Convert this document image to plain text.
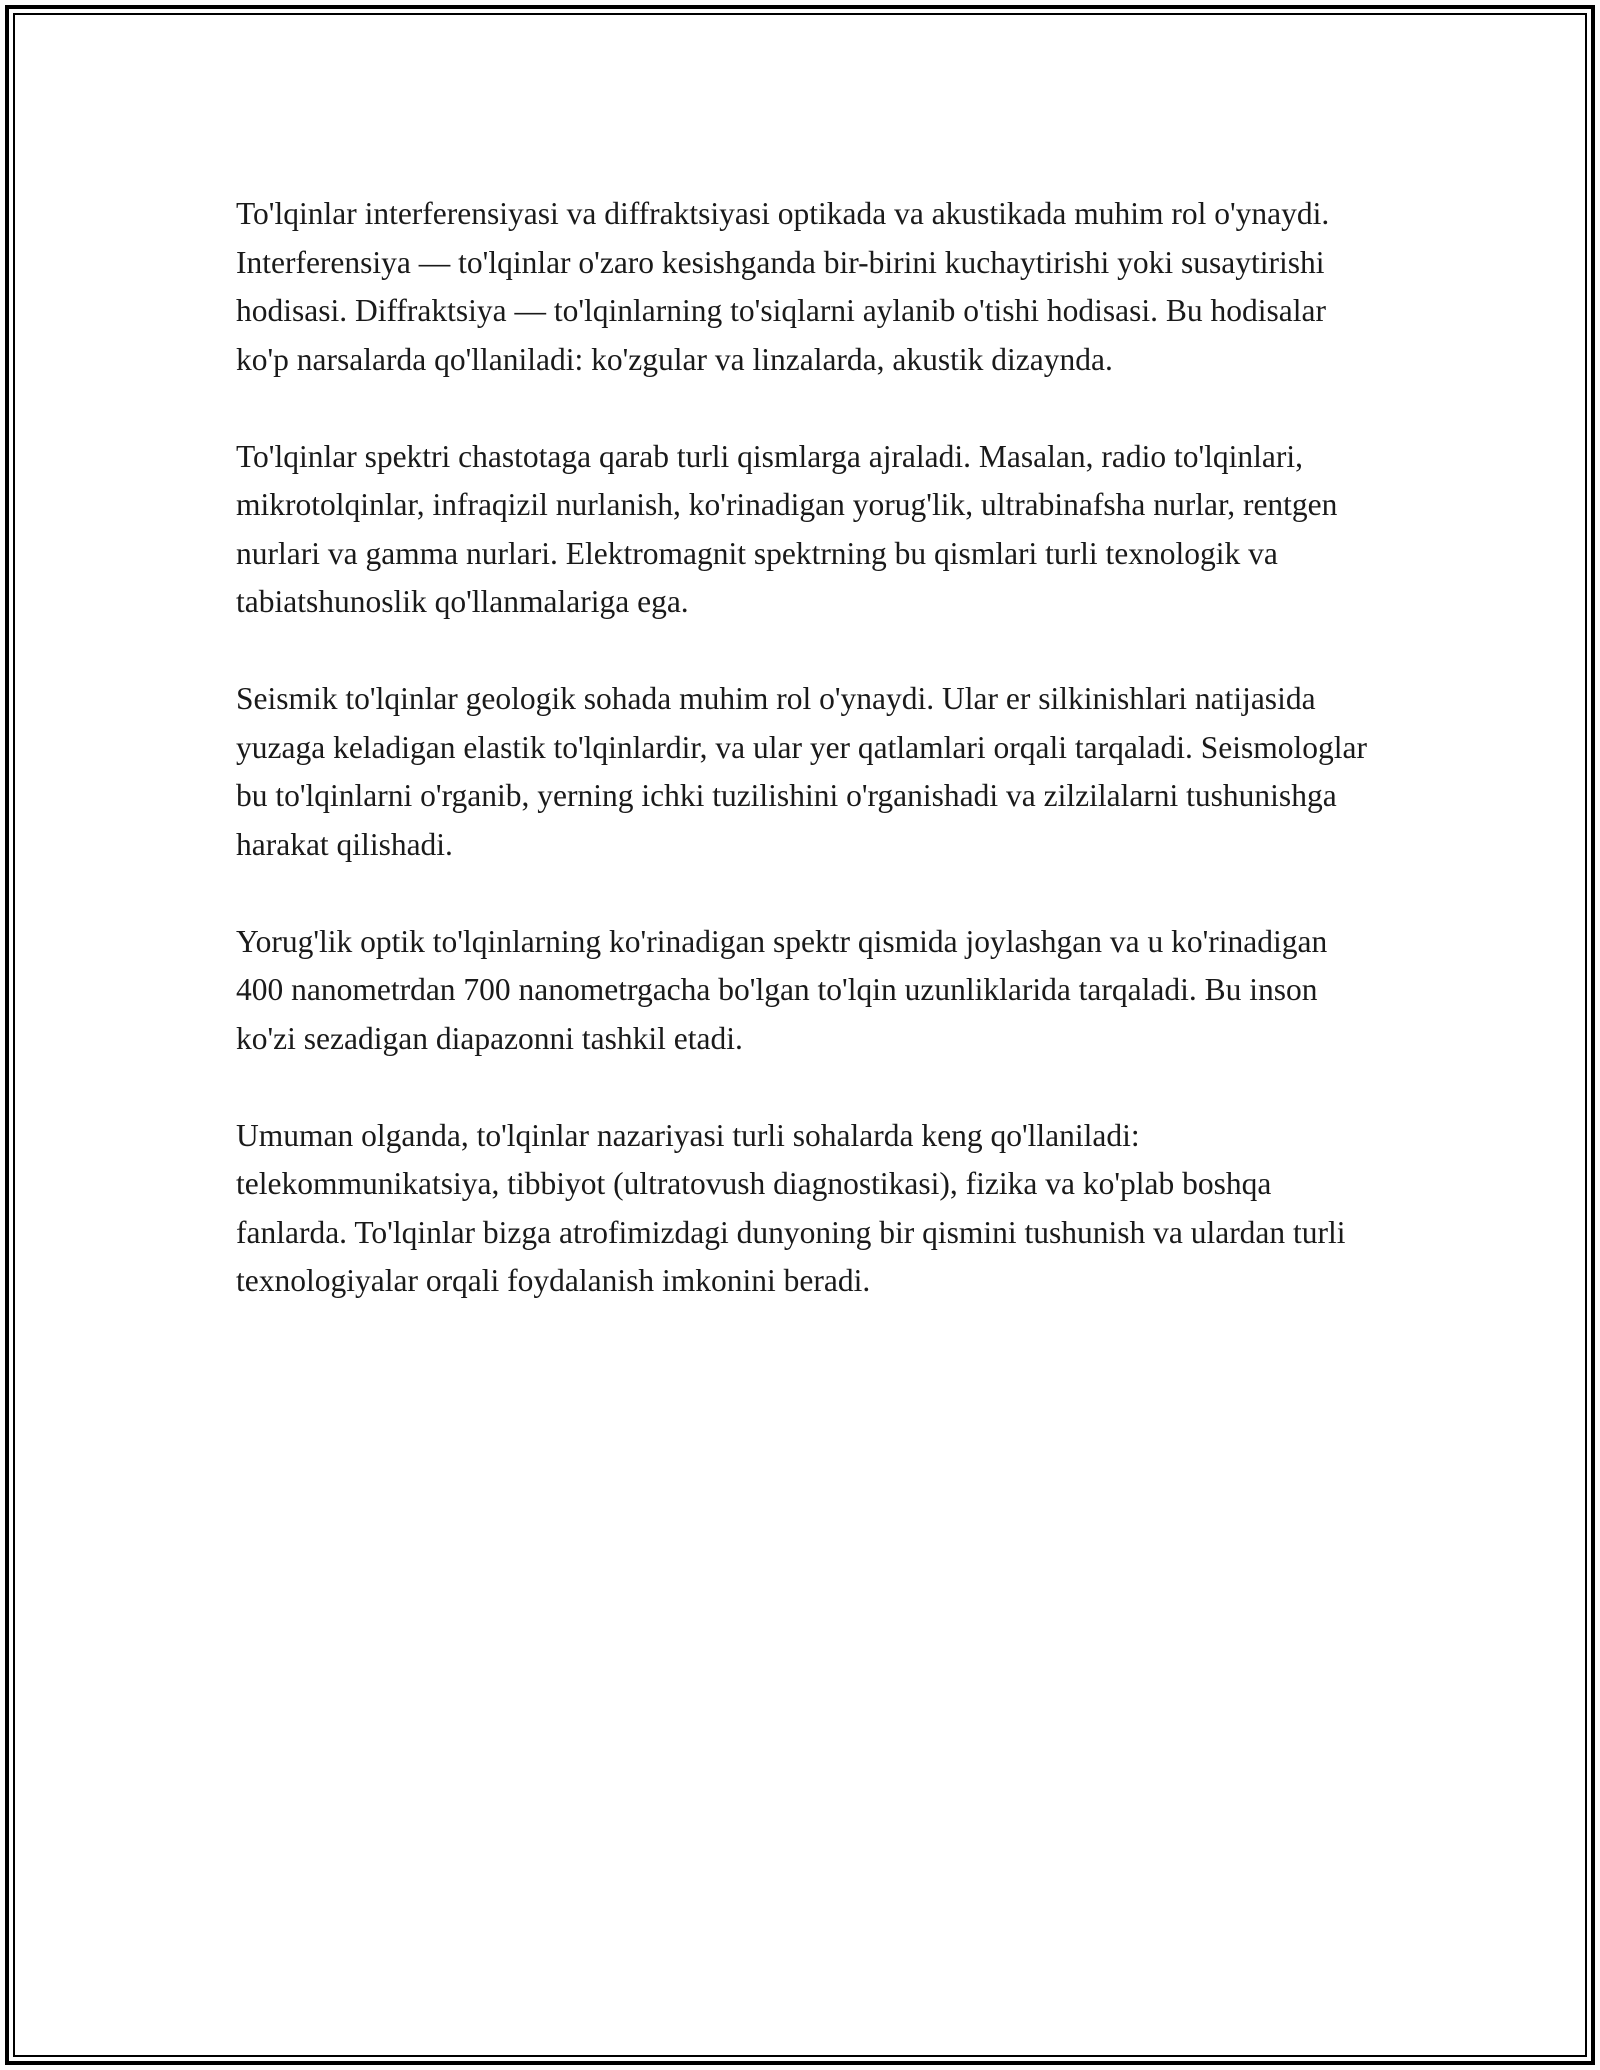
To'lqinlar interferensiyasi va diffraktsiyasi optikada va akustikada muhim rol o'ynaydi. Interferensiya — to'lqinlar o'zaro kesishganda bir-birini kuchaytirishi yoki susaytirishi hodisasi. Diffraktsiya — to'lqinlarning to'siqlarni aylanib o'tishi hodisasi. Bu hodisalar ko'p narsalarda qo'llaniladi: ko'zgular va linzalarda, akustik dizaynda.

To'lqinlar spektri chastotaga qarab turli qismlarga ajraladi. Masalan, radio to'lqinlari, mikrotolqinlar, infraqizil nurlanish, ko'rinadigan yorug'lik, ultrabinafsha nurlar, rentgen nurlari va gamma nurlari. Elektromagnit spektrning bu qismlari turli texnologik va tabiatshunoslik qo'llanmalariga ega.

Seismik to'lqinlar geologik sohada muhim rol o'ynaydi. Ular er silkinishlari natijasida yuzaga keladigan elastik to'lqinlardir, va ular yer qatlamlari orqali tarqaladi. Seismologlar bu to'lqinlarni o'rganib, yerning ichki tuzilishini o'rganishadi va zilzilalarni tushunishga harakat qilishadi.

Yorug'lik optik to'lqinlarning ko'rinadigan spektr qismida joylashgan va u ko'rinadigan 400 nanometrdan 700 nanometrgacha bo'lgan to'lqin uzunliklarida tarqaladi. Bu inson ko'zi sezadigan diapazonni tashkil etadi.

Umuman olganda, to'lqinlar nazariyasi turli sohalarda keng qo'llaniladi: telekommunikatsiya, tibbiyot (ultratovush diagnostikasi), fizika va ko'plab boshqa fanlarda. To'lqinlar bizga atrofimizdagi dunyoning bir qismini tushunish va ulardan turli texnologiyalar orqali foydalanish imkonini beradi.
